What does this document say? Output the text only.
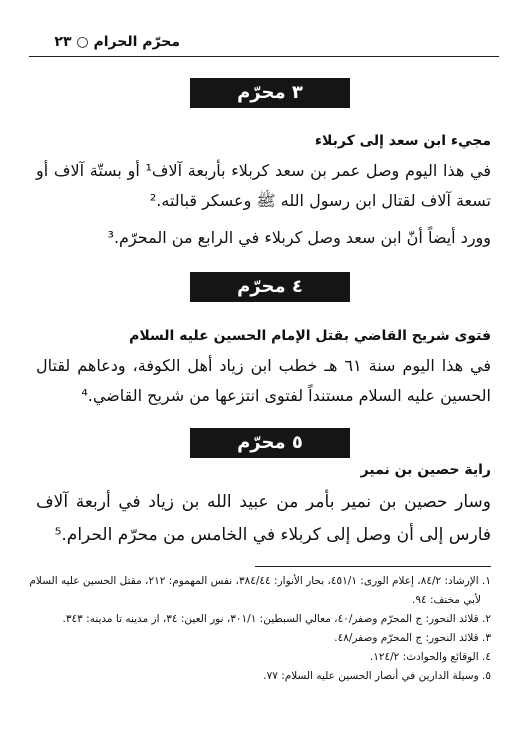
محرّم الحرام ○ ٢٣
٣ محرّم
مجيء ابن سعد إلى كربلاء
في هذا اليوم وصل عمر بن سعد كربلاء بأربعة آلاف¹ أو بستّة آلاف أو تسعة آلاف لقتال ابن رسول الله ﷺ وعسكر قبالته.²
وورد أيضاً أنّ ابن سعد وصل كربلاء في الرابع من المحرّم.³
٤ محرّم
فتوى شريح القاضي بقتل الإمام الحسين عليه السلام
في هذا اليوم سنة ٦١ هـ خطب ابن زياد أهل الكوفة، ودعاهم لقتال الحسين عليه السلام مستنداً لفتوى انتزعها من شريح القاضي.⁴
٥ محرّم
راية حصين بن نمير
وسار حصين بن نمير بأمر من عبيد الله بن زياد في أربعة آلاف فارس إلى أن وصل إلى كربلاء في الخامس من محرّم الحرام.⁵
١. الإرشاد: ٨٤/٢، إعلام الورى: ٤٥١/١، بحار الأنوار: ٣٨٤/٤٤، نفس المهموم: ٢١٢، مقتل الحسين عليه السلام
لأبي مخنف: ٩٤.
٢. قلائد النحور: ج المحرّم وصفر/٤٠، معالي السبطين: ٣٠١/١، نور العين: ٣٤، از مدينه تا مدينه: ٣٤٣.
٣. قلائد النحور: ج المحرّم وصفر/٤٨.
٤. الوقائع والحوادث: ١٢٤/٢.
٥. وسيلة الدارين في أنصار الحسين عليه السلام: ٧٧.
